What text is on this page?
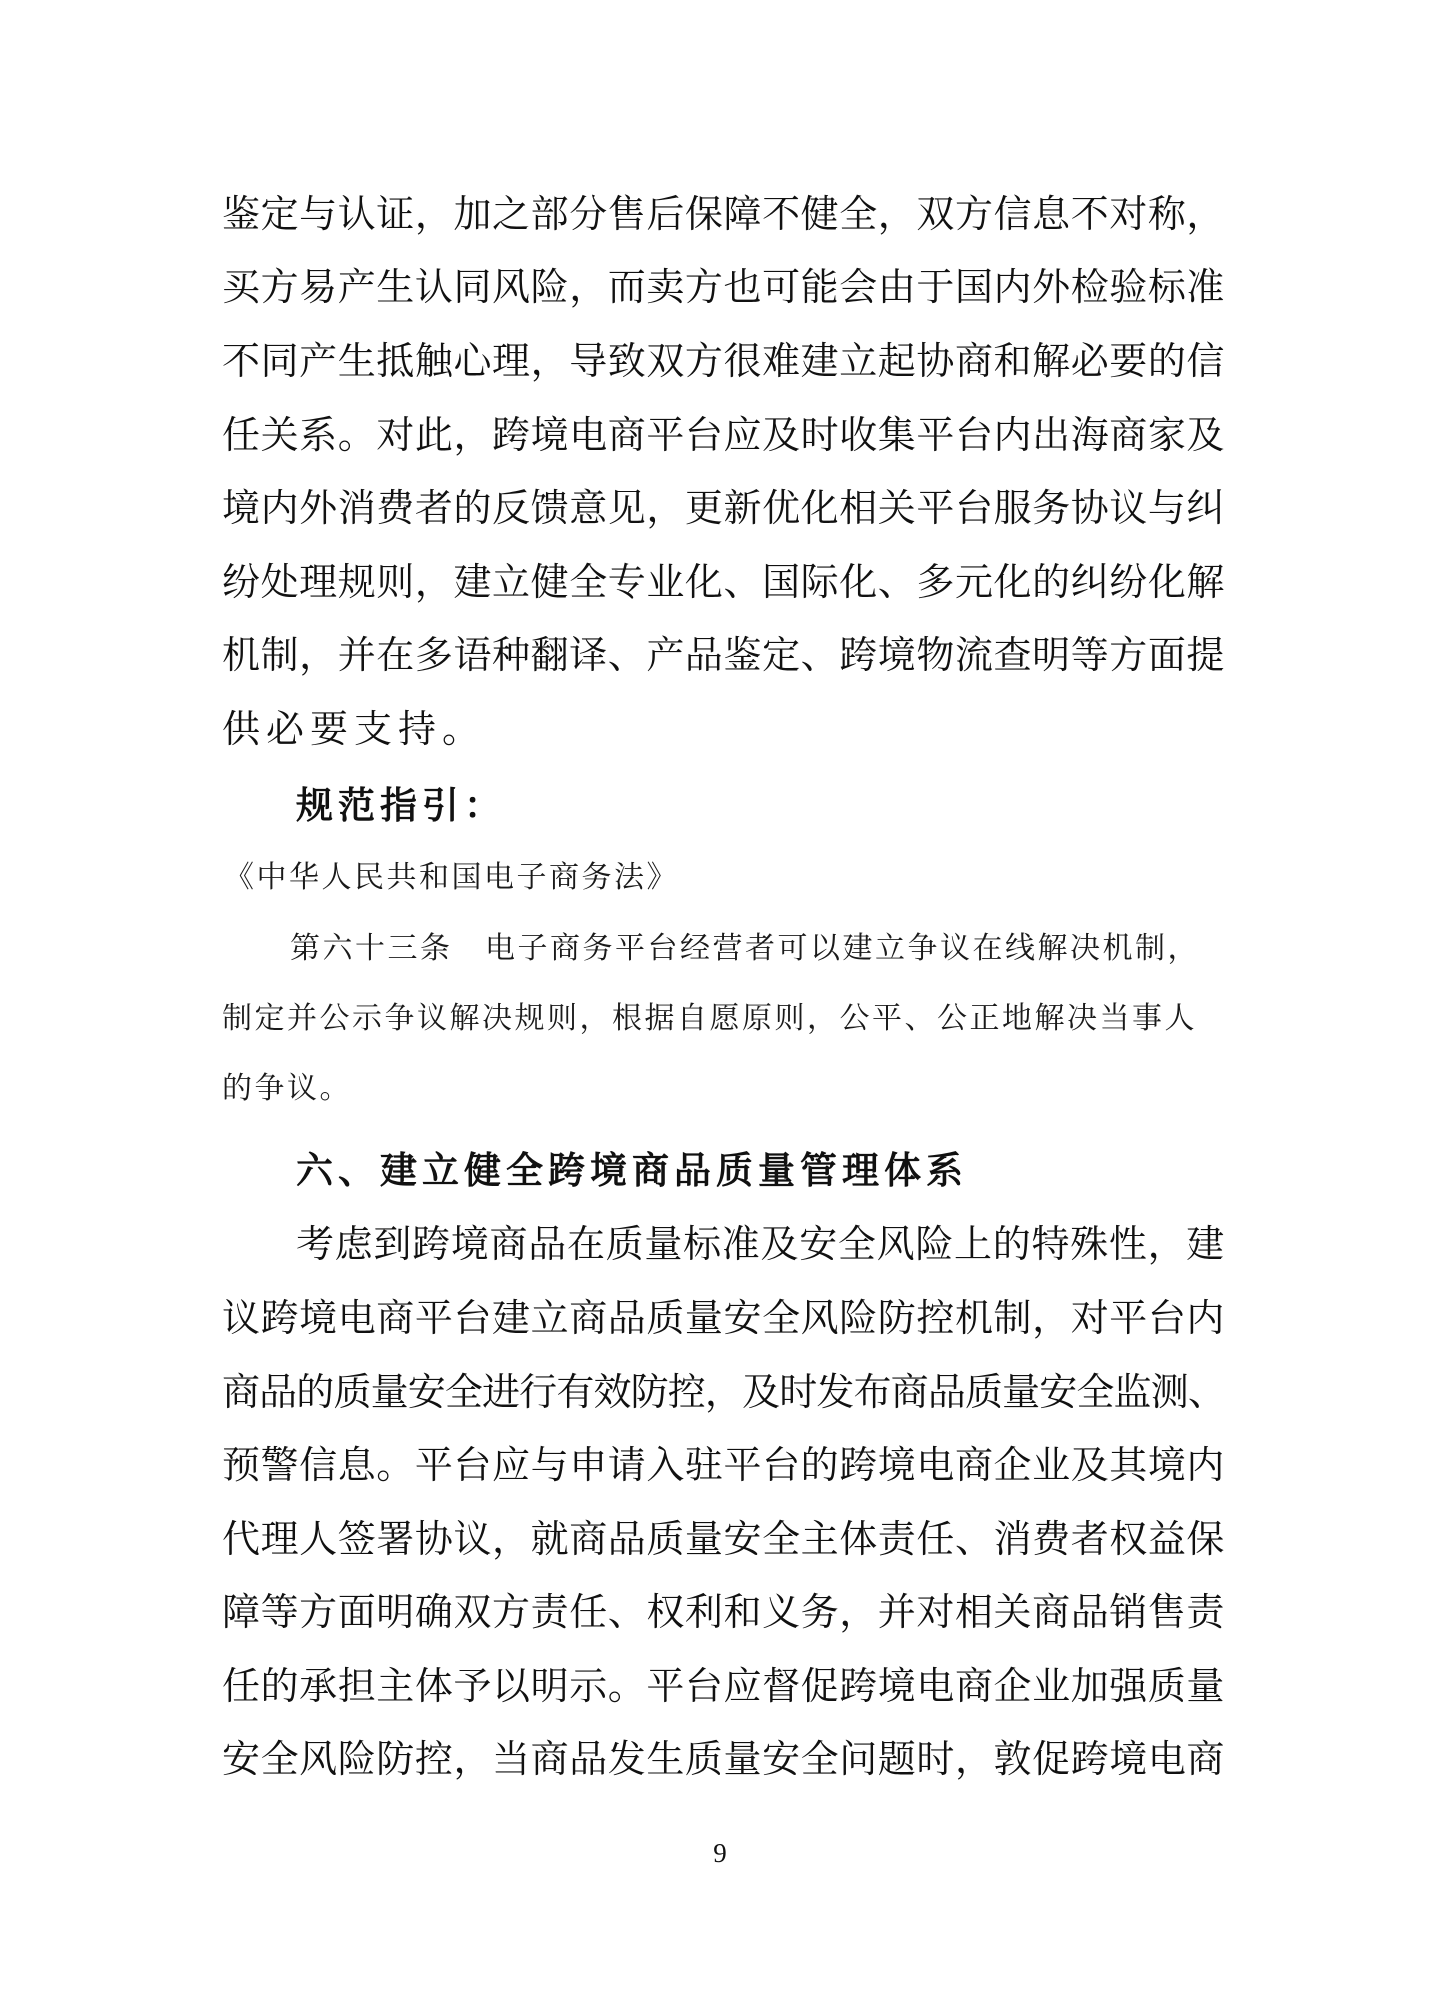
鉴定与认证，加之部分售后保障不健全，双方信息不对称，

买方易产生认同风险，而卖方也可能会由于国内外检验标准

不同产生抵触心理，导致双方很难建立起协商和解必要的信

任关系。对此，跨境电商平台应及时收集平台内出海商家及

境内外消费者的反馈意见，更新优化相关平台服务协议与纠

纷处理规则，建立健全专业化、国际化、多元化的纠纷化解

机制，并在多语种翻译、产品鉴定、跨境物流查明等方面提

供必要支持。

规范指引：

《中华人民共和国电子商务法》

第六十三条　电子商务平台经营者可以建立争议在线解决机制，

制定并公示争议解决规则，根据自愿原则，公平、公正地解决当事人

的争议。

六、建立健全跨境商品质量管理体系

考虑到跨境商品在质量标准及安全风险上的特殊性，建

议跨境电商平台建立商品质量安全风险防控机制，对平台内

商品的质量安全进行有效防控，及时发布商品质量安全监测、

预警信息。平台应与申请入驻平台的跨境电商企业及其境内

代理人签署协议，就商品质量安全主体责任、消费者权益保

障等方面明确双方责任、权利和义务，并对相关商品销售责

任的承担主体予以明示。平台应督促跨境电商企业加强质量

安全风险防控，当商品发生质量安全问题时，敦促跨境电商

9
